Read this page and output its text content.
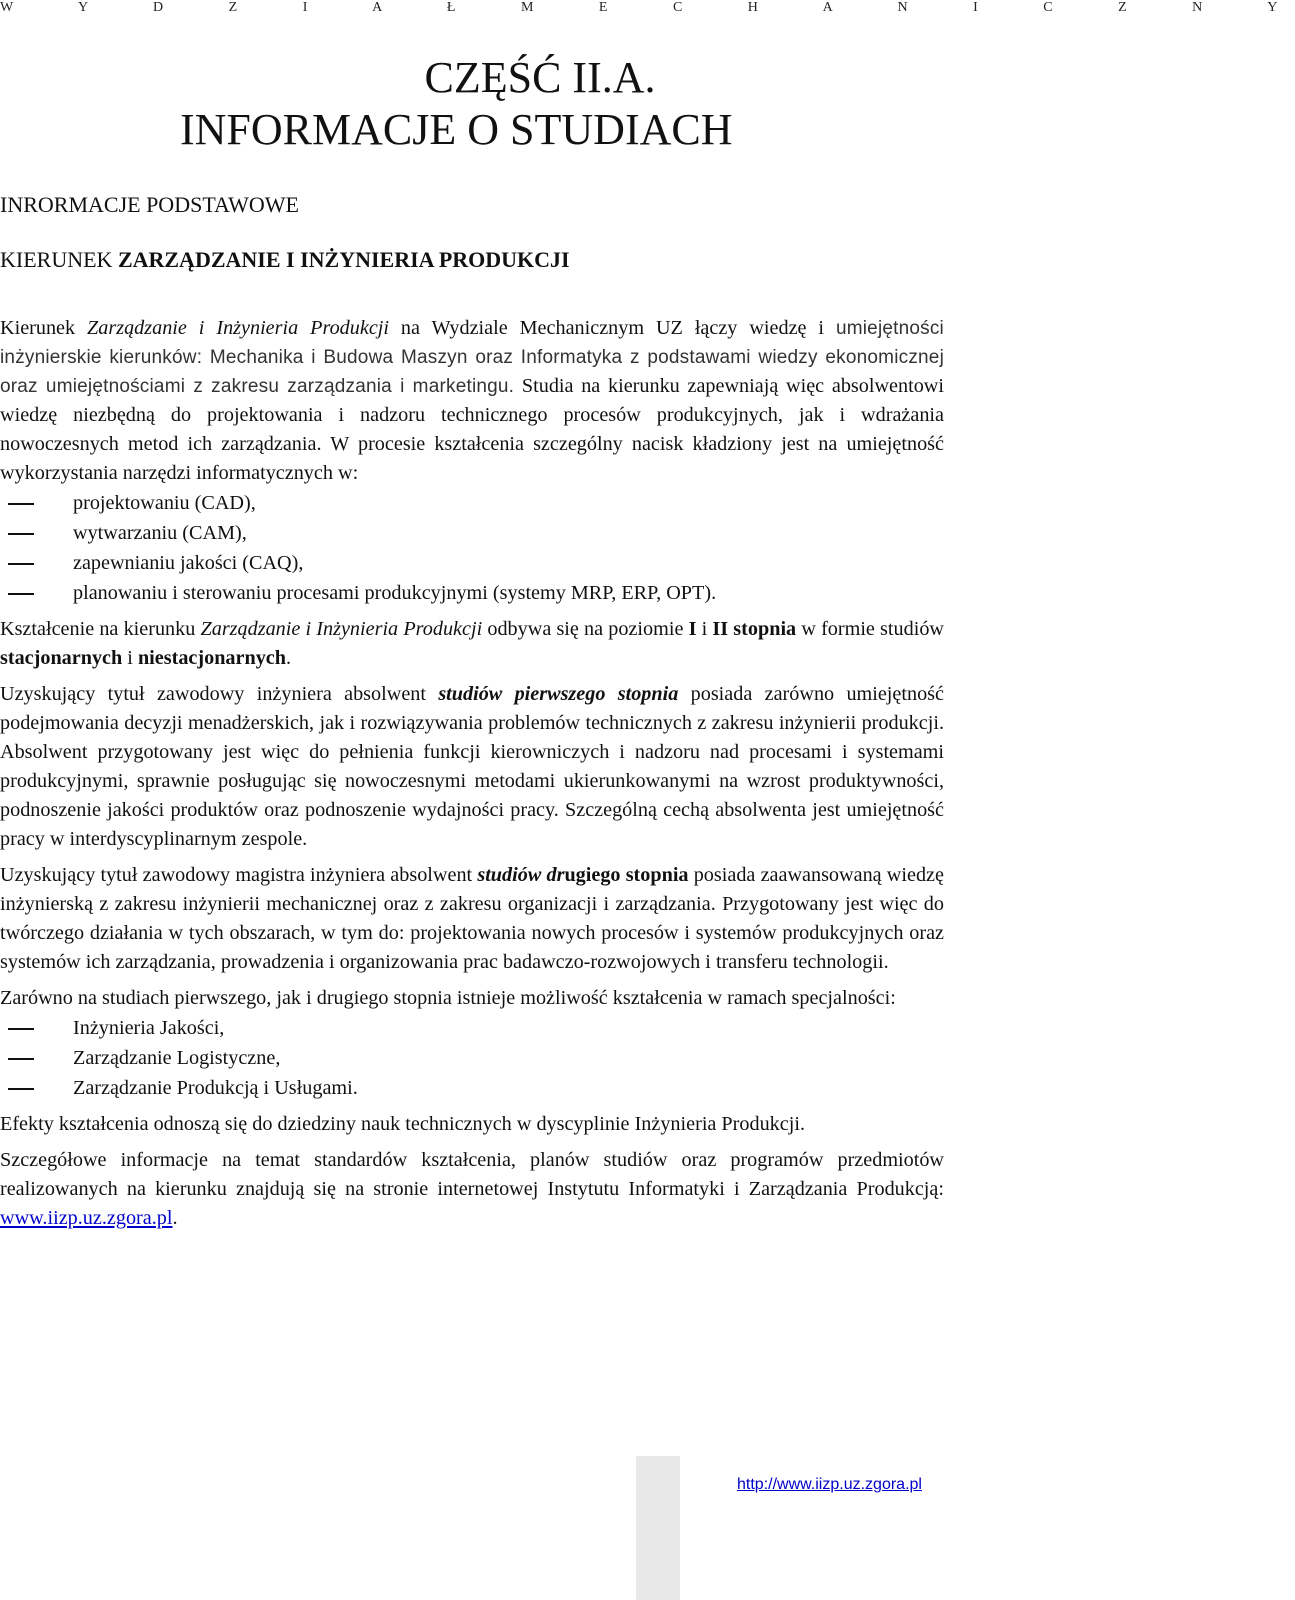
W Y D Z I A Ł M E C H A N I C Z N Y
CZĘŚĆ II.A.
INFORMACJE O STUDIACH
INRORMACJE PODSTAWOWE
KIERUNEK ZARZĄDZANIE I INŻYNIERIA PRODUKCJI

Kierunek Zarządzanie i Inżynieria Produkcji na Wydziale Mechanicznym UZ łączy wiedzę i umiejętności inżynierskie kierunków: Mechanika i Budowa Maszyn oraz Informatyka z podstawami wiedzy ekonomicznej oraz umiejętnościami z zakresu zarządzania i marketingu. Studia na kierunku zapewniają więc absolwentowi wiedzę niezbędną do projektowania i nadzoru technicznego procesów produkcyjnych, jak i wdrażania nowoczesnych metod ich zarządzania. W procesie kształcenia szczególny nacisk kładziony jest na umiejętność wykorzystania narzędzi informatycznych w:

projektowaniu (CAD),
wytwarzaniu (CAM),
zapewnianiu jakości (CAQ),
planowaniu i sterowaniu procesami produkcyjnymi (systemy MRP, ERP, OPT).

Kształcenie na kierunku Zarządzanie i Inżynieria Produkcji odbywa się na poziomie I i II stopnia w formie studiów stacjonarnych i niestacjonarnych.

Uzyskujący tytuł zawodowy inżyniera absolwent studiów pierwszego stopnia posiada zarówno umiejętność podejmowania decyzji menadżerskich, jak i rozwiązywania problemów technicznych z zakresu inżynierii produkcji. Absolwent przygotowany jest więc do pełnienia funkcji kierowniczych i nadzoru nad procesami i systemami produkcyjnymi, sprawnie posługując się nowoczesnymi metodami ukierunkowanymi na wzrost produktywności, podnoszenie jakości produktów oraz podnoszenie wydajności pracy. Szczególną cechą absolwenta jest umiejętność pracy w interdyscyplinarnym zespole.

Uzyskujący tytuł zawodowy magistra inżyniera absolwent studiów drugiego stopnia posiada zaawansowaną wiedzę inżynierską z zakresu inżynierii mechanicznej oraz z zakresu organizacji i zarządzania. Przygotowany jest więc do twórczego działania w tych obszarach, w tym do: projektowania nowych procesów i systemów produkcyjnych oraz systemów ich zarządzania, prowadzenia i organizowania prac badawczo-rozwojowych i transferu technologii.

Zarówno na studiach pierwszego, jak i drugiego stopnia istnieje możliwość kształcenia w ramach specjalności:

Inżynieria Jakości,
Zarządzanie Logistyczne,
Zarządzanie Produkcją i Usługami.

Efekty kształcenia odnoszą się do dziedziny nauk technicznych w dyscyplinie Inżynieria Produkcji.

Szczegółowe informacje na temat standardów kształcenia, planów studiów oraz programów przedmiotów realizowanych na kierunku znajdują się na stronie internetowej Instytutu Informatyki i Zarządzania Produkcją: www.iizp.uz.zgora.pl.

http://www.iizp.uz.zgora.pl
